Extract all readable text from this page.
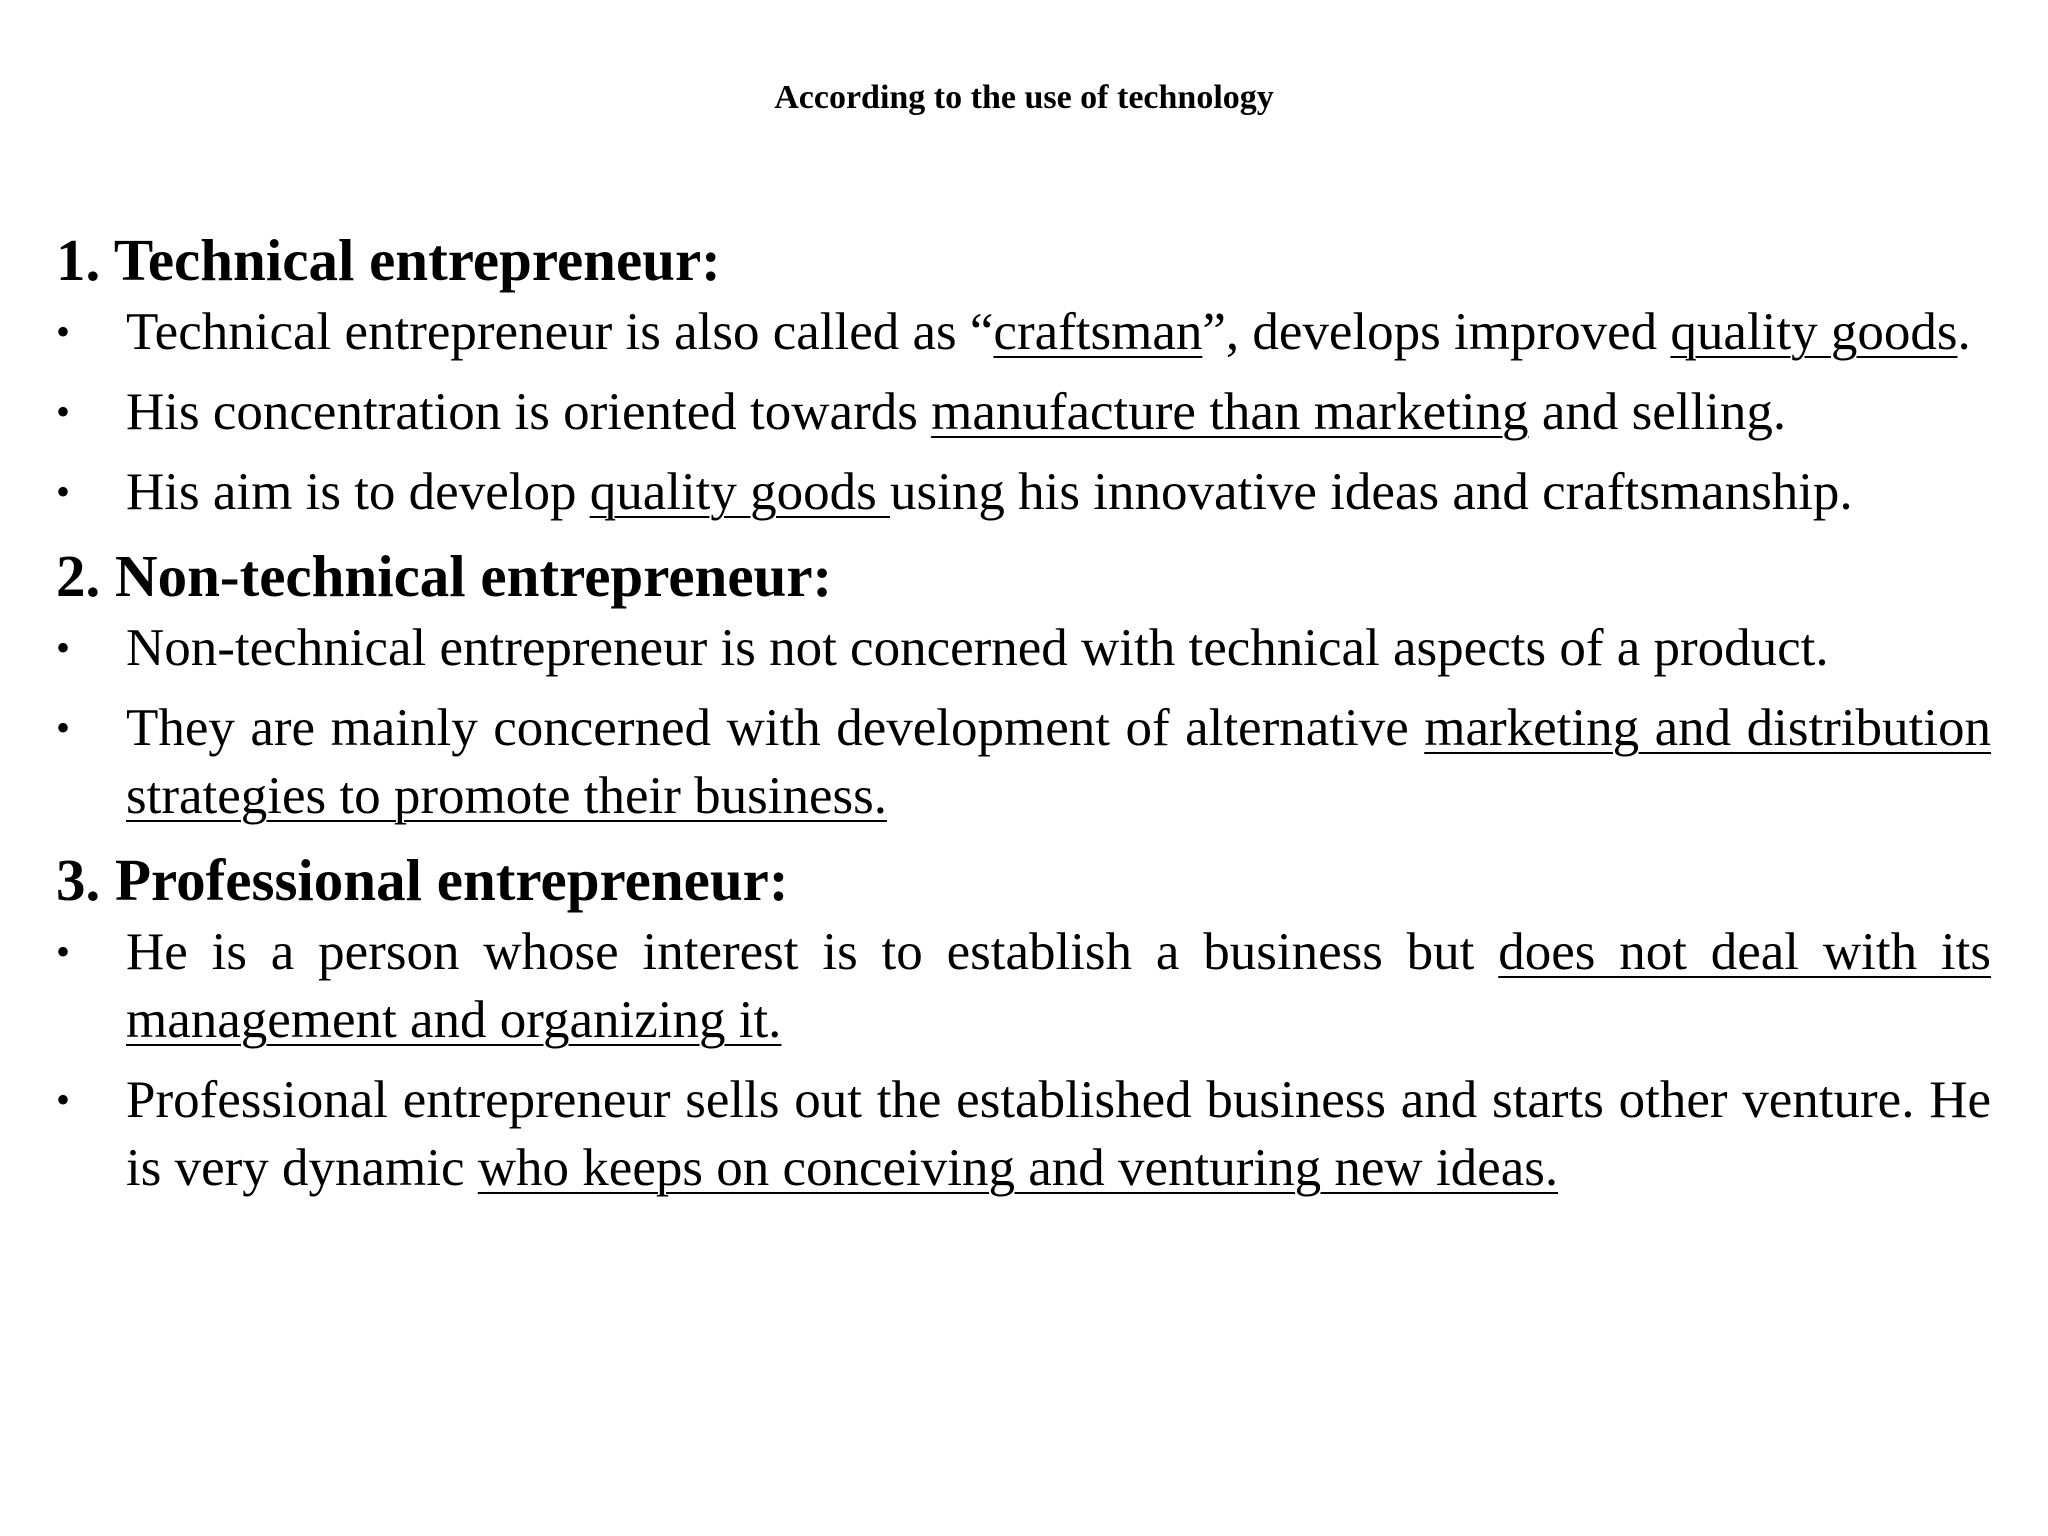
According to the use of technology
1. Technical entrepreneur:
• Technical entrepreneur is also called as “craftsman”, develops improved quality goods.
• His concentration is oriented towards manufacture than marketing and selling.
• His aim is to develop quality goods using his innovative ideas and craftsmanship.
2. Non-technical entrepreneur:
• Non-technical entrepreneur is not concerned with technical aspects of a product.
• They are mainly concerned with development of alternative marketing and distribution strategies to promote their business.
3. Professional entrepreneur:
• He is a person whose interest is to establish a business but does not deal with its management and organizing it.
• Professional entrepreneur sells out the established business and starts other venture. He is very dynamic who keeps on conceiving and venturing new ideas.
